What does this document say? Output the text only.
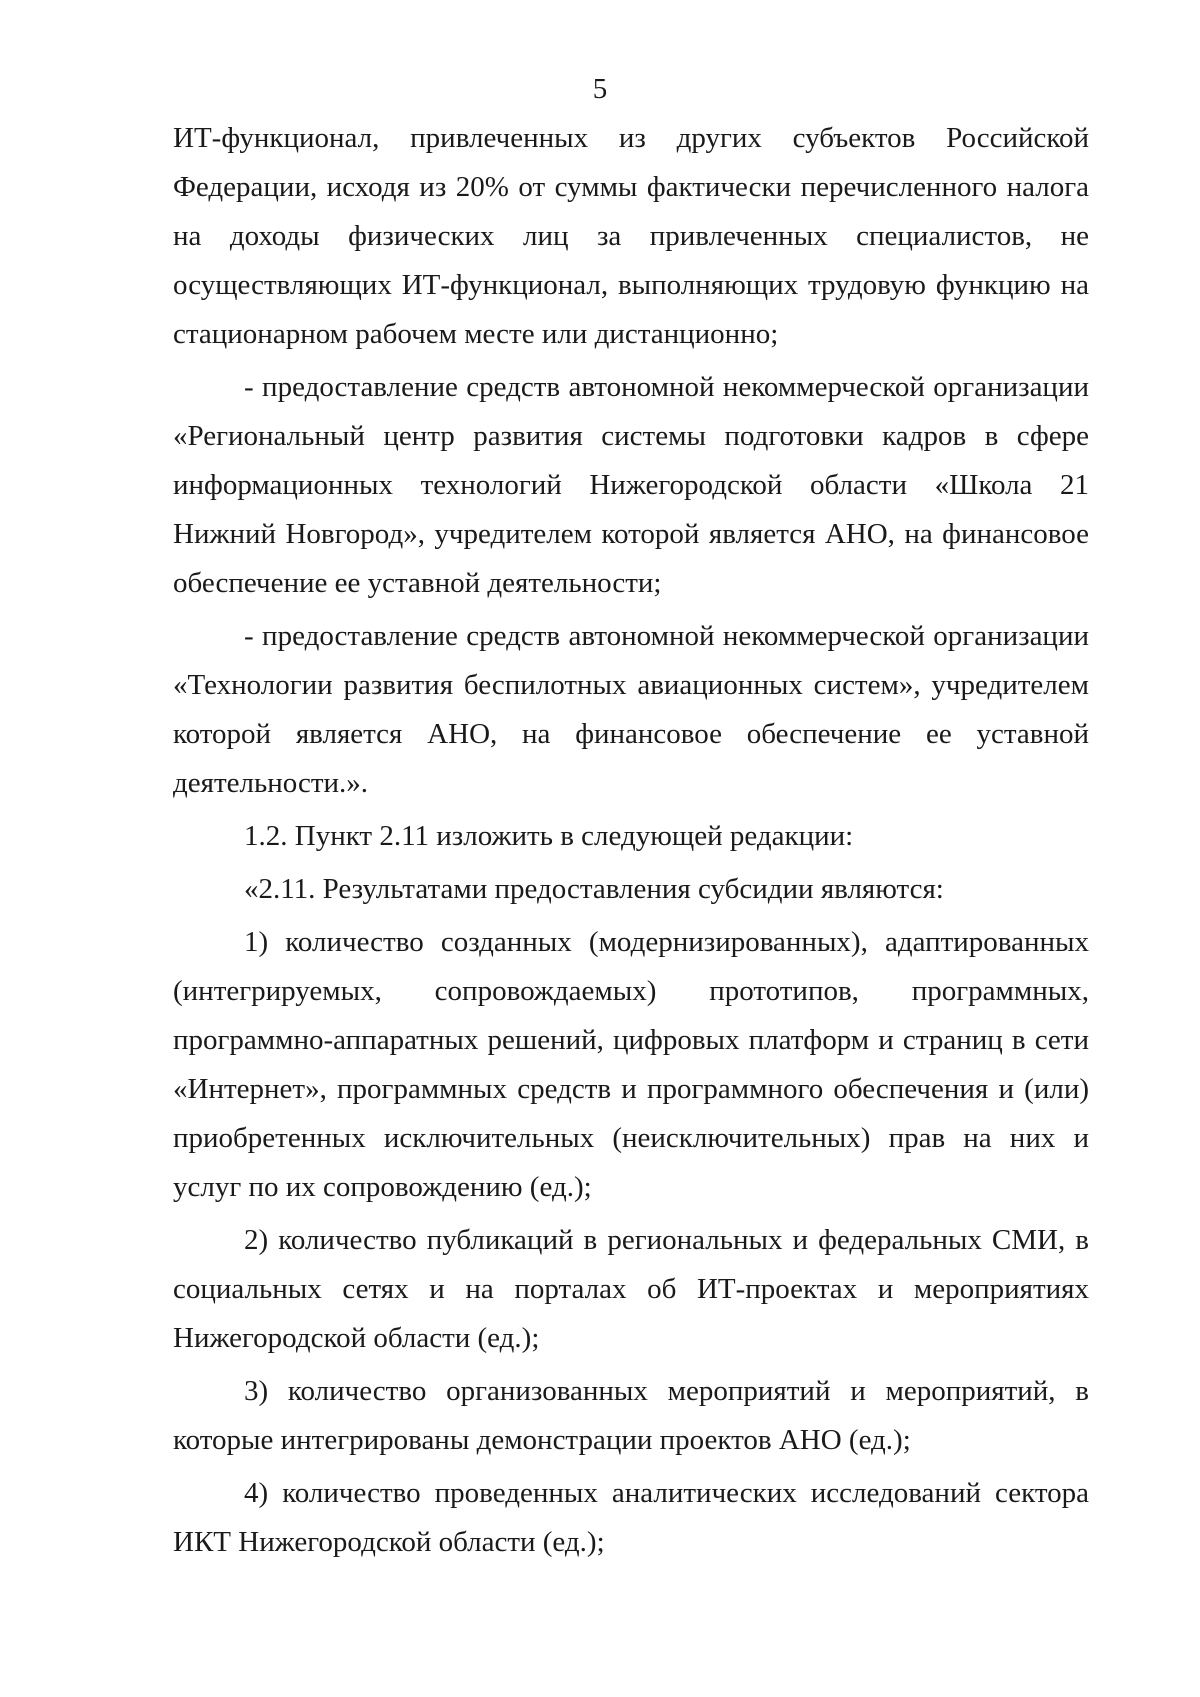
5

ИТ-функционал, привлеченных из других субъектов Российской Федерации, исходя из 20% от суммы фактически перечисленного налога на доходы физических лиц за привлеченных специалистов, не осуществляющих ИТ-функционал, выполняющих трудовую функцию на стационарном рабочем месте или дистанционно;

- предоставление средств автономной некоммерческой организации «Региональный центр развития системы подготовки кадров в сфере информационных технологий Нижегородской области «Школа 21 Нижний Новгород», учредителем которой является АНО, на финансовое обеспечение ее уставной деятельности;

- предоставление средств автономной некоммерческой организации «Технологии развития беспилотных авиационных систем», учредителем которой является АНО, на финансовое обеспечение ее уставной деятельности.».

1.2. Пункт 2.11 изложить в следующей редакции:

«2.11. Результатами предоставления субсидии являются:

1) количество созданных (модернизированных), адаптированных (интегрируемых, сопровождаемых) прототипов, программных, программно-аппаратных решений, цифровых платформ и страниц в сети «Интернет», программных средств и программного обеспечения и (или) приобретенных исключительных (неисключительных) прав на них и услуг по их сопровождению (ед.);

2) количество публикаций в региональных и федеральных СМИ, в социальных сетях и на порталах об ИТ-проектах и мероприятиях Нижегородской области (ед.);

3) количество организованных мероприятий и мероприятий, в которые интегрированы демонстрации проектов АНО (ед.);

4) количество проведенных аналитических исследований сектора ИКТ Нижегородской области (ед.);
